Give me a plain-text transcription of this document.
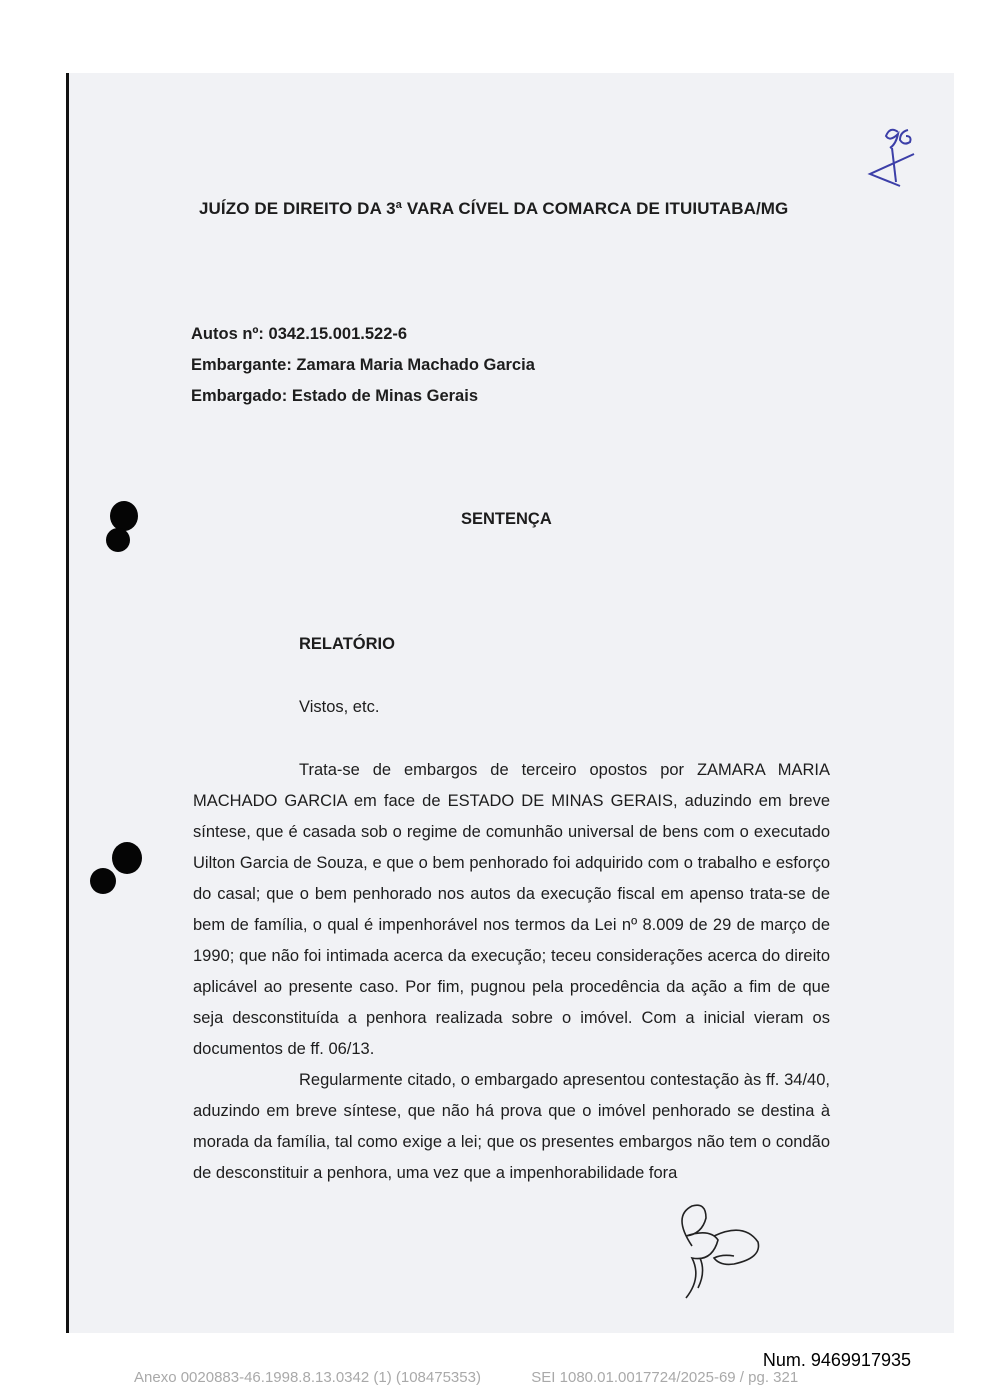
JUÍZO DE DIREITO DA 3ª VARA CÍVEL DA COMARCA DE ITUIUTABA/MG
Autos nº: 0342.15.001.522-6
Embargante: Zamara Maria Machado Garcia
Embargado: Estado de Minas Gerais
SENTENÇA
RELATÓRIO
Vistos, etc.

Trata-se de embargos de terceiro opostos por ZAMARA MARIA MACHADO GARCIA em face de ESTADO DE MINAS GERAIS, aduzindo em breve síntese, que é casada sob o regime de comunhão universal de bens com o executado Uilton Garcia de Souza, e que o bem penhorado foi adquirido com o trabalho e esforço do casal; que o bem penhorado nos autos da execução fiscal em apenso trata-se de bem de família, o qual é impenhorável nos termos da Lei nº 8.009 de 29 de março de 1990; que não foi intimada acerca da execução; teceu considerações acerca do direito aplicável ao presente caso. Por fim, pugnou pela procedência da ação a fim de que seja desconstituída a penhora realizada sobre o imóvel. Com a inicial vieram os documentos de ff. 06/13.

Regularmente citado, o embargado apresentou contestação às ff. 34/40, aduzindo em breve síntese, que não há prova que o imóvel penhorado se destina à morada da família, tal como exige a lei; que os presentes embargos não tem o condão de desconstituir a penhora, uma vez que a impenhorabilidade fora

Num. 9469917935
Anexo 0020883-46.1998.8.13.0342 (1) (108475353)	SEI 1080.01.0017724/2025-69 / pg. 321
